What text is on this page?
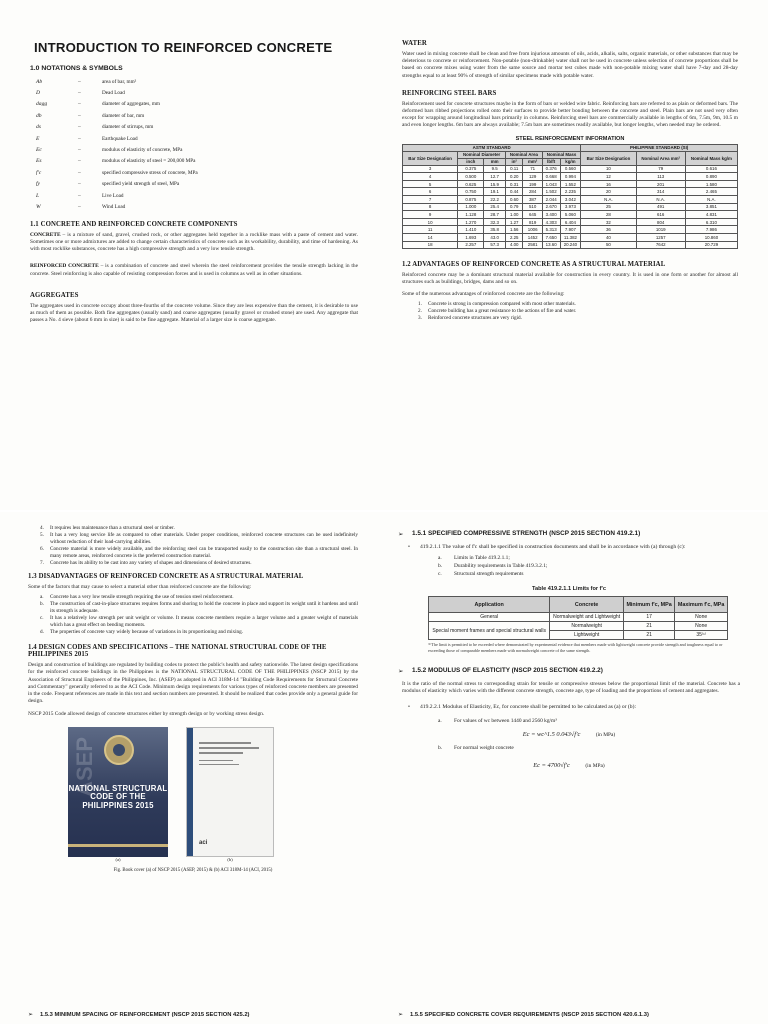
INTRODUCTION TO REINFORCED CONCRETE
1.0 NOTATIONS & SYMBOLS
Ab	–	area of bar, mm²
D	–	Dead Load
dagg	–	diameter of aggregates, mm
db	–	diameter of bar, mm
ds	–	diameter of stirrups, mm
E	–	Earthquake Load
Ec	–	modulus of elasticity of concrete, MPa
Es	–	modulus of elasticity of steel = 200,000 MPa
f'c	–	specified compressive stress of concrete, MPa
fy	–	specified yield strength of steel, MPa
L	–	Live Load
W	–	Wind Load
1.1 CONCRETE AND REINFORCED CONCRETE COMPONENTS

CONCRETE – is a mixture of sand, gravel, crushed rock, or other aggregates held together in a rocklike mass with a paste of cement and water. Sometimes one or more admixtures are added to change certain characteristics of concrete such as its workability, durability, and time of hardening. As with most rocklike substances, concrete has a high compressive strength and a very low tensile strength.

REINFORCED CONCRETE – is a combination of concrete and steel wherein the steel reinforcement provides the tensile strength lacking in the concrete. Steel reinforcing is also capable of resisting compression forces and is used in columns as well as in other situations.

AGGREGATES

The aggregates used in concrete occupy about three-fourths of the concrete volume. Since they are less expensive than the cement, it is desirable to use as much of them as possible. Both fine aggregates (usually sand) and coarse aggregates (usually gravel or crushed stone) are used. Any aggregate that passes a No. 4 sieve (about 6 mm in size) is said to be fine aggregate. Material of a larger size is coarse aggregate.

WATER

Water used in mixing concrete shall be clean and free from injurious amounts of oils, acids, alkalis, salts, organic materials, or other substances that may be deleterious to concrete or reinforcement. Non-potable (non-drinkable) water shall not be used in concrete unless selection of concrete proportions shall be based on concrete mixes using water from the same source and mortar test cubes made with non-potable mixing water shall have 7-day and 28-day strengths equal to at least 90% of strength of similar specimens made with potable water.

REINFORCING STEEL BARS

Reinforcement used for concrete structures maybe in the form of bars or welded wire fabric. Reinforcing bars are referred to as plain or deformed bars. The deformed bars ribbed projections rolled onto their surfaces to provide better bonding between the concrete and steel. Plain bars are not used very often except for wrapping around longitudinal bars primarily in columns. Reinforcing steel bars are commercially available in lengths of 6m, 7.5m, 9m, 10.5 m and even longer lengths. 6m bars are always available; 7.5m bars are sometimes readily available, but longer lengths, when needed may be ordered.

STEEL REINFORCEMENT INFORMATION
ASTM STANDARD							PHILIPPINE STANDARD (SI)		
Bar Size Designation	Nominal Diameter		Nominal Area		Nominal Mass		Bar Size Designation	Nominal Area mm²	Nominal Mass kg/m
	inch	mm	in²	mm²	lb/ft	kg/m			
3	0.375	9.5	0.11	71	0.376	0.560	10	79	0.616
4	0.500	12.7	0.20	129	0.668	0.994	12	113	0.890
5	0.625	15.9	0.31	199	1.043	1.552	16	201	1.580
6	0.750	19.1	0.44	284	1.502	2.235	20	314	2.465
7	0.875	22.2	0.60	387	2.044	3.042	N.A.	N.A.	N.A.
8	1.000	25.4	0.79	510	2.670	3.973	25	491	3.851
9	1.128	28.7	1.00	645	3.400	5.060	28	616	4.831
10	1.270	32.3	1.27	819	4.303	6.404	32	804	6.310
11	1.410	35.8	1.56	1006	5.313	7.907	36	1019	7.986
14	1.693	43.0	2.25	1452	7.650	11.382	40	1257	10.860
18	2.257	57.3	4.00	2581	13.60	20.240	50	7642	20.729
1.2 ADVANTAGES OF REINFORCED CONCRETE AS A STRUCTURAL MATERIAL

Reinforced concrete may be a dominant structural material available for construction in every country. It is used in one form or another for almost all structures such as buildings, bridges, dams and so on.

Some of the numerous advantages of reinforced concrete are the following:

1.	Concrete is strong in compression compared with most other materials.
2.	Concrete building has a great resistance to the actions of fire and water.
3.	Reinforced concrete structures are very rigid.
4.	It requires less maintenance than a structural steel or timber.
5.	It has a very long service life as compared to other materials. Under proper conditions, reinforced concrete structures can be used indefinitely without reduction of their load-carrying abilities.
6.	Concrete material is more widely available, and the reinforcing steel can be transported easily to the construction site than a structural steel. In many remote areas, reinforced concrete is the preferred construction material.
7.	Concrete has its ability to be cast into any variety of shapes and dimensions of desired structures.
1.3 DISADVANTAGES OF REINFORCED CONCRETE AS A STRUCTURAL MATERIAL

Some of the factors that may cause to select a material other than reinforced concrete are the following:

a.	Concrete has a very low tensile strength requiring the use of tension steel reinforcement.
b.	The construction of cast-in-place structures requires forms and shoring to hold the concrete in place and support its weight until it hardens and until its strength is adequate.
c.	It has a relatively low strength per unit weight or volume. It means concrete members require a larger volume and a greater weight of materials which has a great effect on bending moments.
d.	The properties of concrete vary widely because of variations in its proportioning and mixing.
1.4 DESIGN CODES AND SPECIFICATIONS – THE NATIONAL STRUCTURAL CODE OF THE PHILIPPINES 2015

Design and construction of buildings are regulated by building codes to protect the public's health and safety nationwide. The latest design specifications for the reinforced concrete buildings in the Philippines is the NATIONAL STRUCTURAL CODE OF THE PHILIPPINES (NSCP 2015) by the Association of Structural Engineers of the Philippines, Inc. (ASEP) as adopted in ACI 318M-14 "Building Code Requirements for Structural Concrete and Commentary" generally referred to as the ACI Code. Minimum design requirements for various types of reinforced concrete members are presented in the code. Frequent references are made in this text and section numbers are presented. It should be realized that codes provide only a general guide for design.

NSCP 2015 Code allowed design of concrete structures either by strength design or by working stress design.

ASEP
NATIONAL STRUCTURAL CODE OF THE PHILIPPINES 2015
aci
(a)	(b)
Fig. Book cover (a) of NSCP 2015 (ASEP, 2015) & (b) ACI 318M-14 (ACI, 2015)
➢	1.5.3 MINIMUM SPACING OF REINFORCEMENT (NSCP 2015 SECTION 425.2)
➢	1.5.1 SPECIFIED COMPRESSIVE STRENGTH (NSCP 2015 SECTION 419.2.1)
•	419.2.1.1 The value of f'c shall be specified in construction documents and shall be in accordance with (a) through (c):
a.	Limits in Table 419.2.1.1;
b.	Durability requirements in Table 419.3.2.1;
c.	Structural strength requirements
Table 419.2.1.1 Limits for f'c
Application	Concrete	Minimum f'c, MPa	Maximum f'c, MPa
General	Normalweight and Lightweight	17	None
Special moment frames and special structural walls	Normalweight	21	None
	Lightweight	21	35⁽¹⁾
⁽¹⁾The limit is permitted to be exceeded where demonstrated by experimental evidence that members made with lightweight concrete provide strength and toughness equal to or exceeding those of comparable members made with normalweight concrete of the same strength.
➢	1.5.2 MODULUS OF ELASTICITY (NSCP 2015 SECTION 419.2.2)

It is the ratio of the normal stress to corresponding strain for tensile or compressive stresses below the proportional limit of the material. Concrete has a modulus of elasticity which varies with the different concrete strength, concrete age, type of loading and the proportions of cement and aggregates.

•	419.2.2.1 Modulus of Elasticity, Ec, for concrete shall be permitted to be calculated as (a) or (b):
a.	For values of wc between 1440 and 2560 kg/m³
Ec = wc^1.5 0.043√f'c	(in MPa)
b.	For normal weight concrete
Ec = 4700√f'c	(in MPa)
➢	1.5.5 SPECIFIED CONCRETE COVER REQUIREMENTS (NSCP 2015 SECTION 420.6.1.3)
